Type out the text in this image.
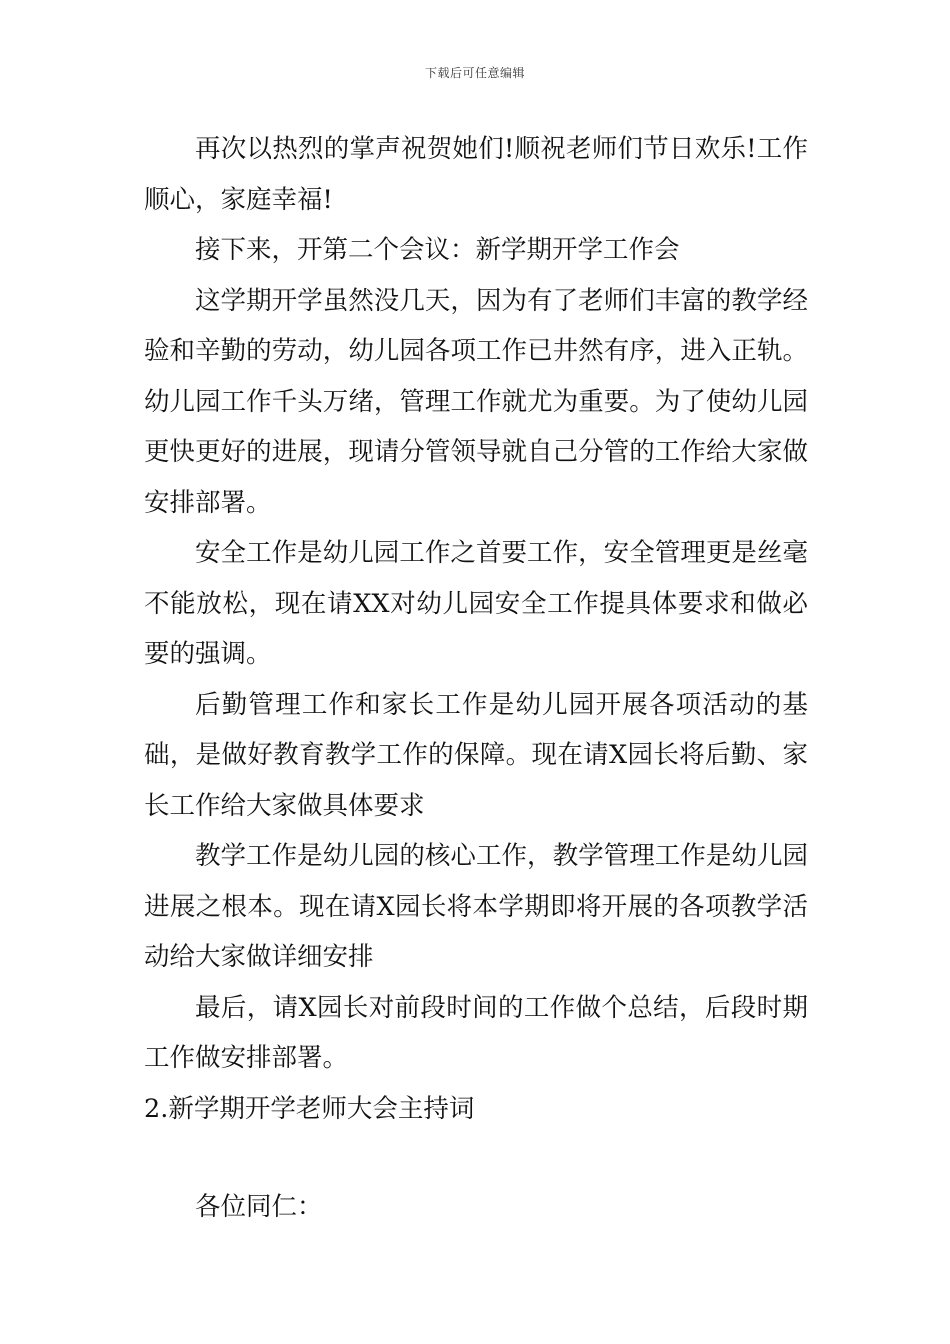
下载后可任意编辑

再次以热烈的掌声祝贺她们!顺祝老师们节日欢乐!工作顺心，家庭幸福!

接下来，开第二个会议：新学期开学工作会

这学期开学虽然没几天，因为有了老师们丰富的教学经验和辛勤的劳动，幼儿园各项工作已井然有序，进入正轨。幼儿园工作千头万绪，管理工作就尤为重要。为了使幼儿园更快更好的进展，现请分管领导就自己分管的工作给大家做安排部署。

安全工作是幼儿园工作之首要工作，安全管理更是丝毫不能放松，现在请XX对幼儿园安全工作提具体要求和做必要的强调。

后勤管理工作和家长工作是幼儿园开展各项活动的基础，是做好教育教学工作的保障。现在请X园长将后勤、家长工作给大家做具体要求

教学工作是幼儿园的核心工作，教学管理工作是幼儿园进展之根本。现在请X园长将本学期即将开展的各项教学活动给大家做详细安排

最后，请X园长对前段时间的工作做个总结，后段时期工作做安排部署。

2.新学期开学老师大会主持词

各位同仁：
